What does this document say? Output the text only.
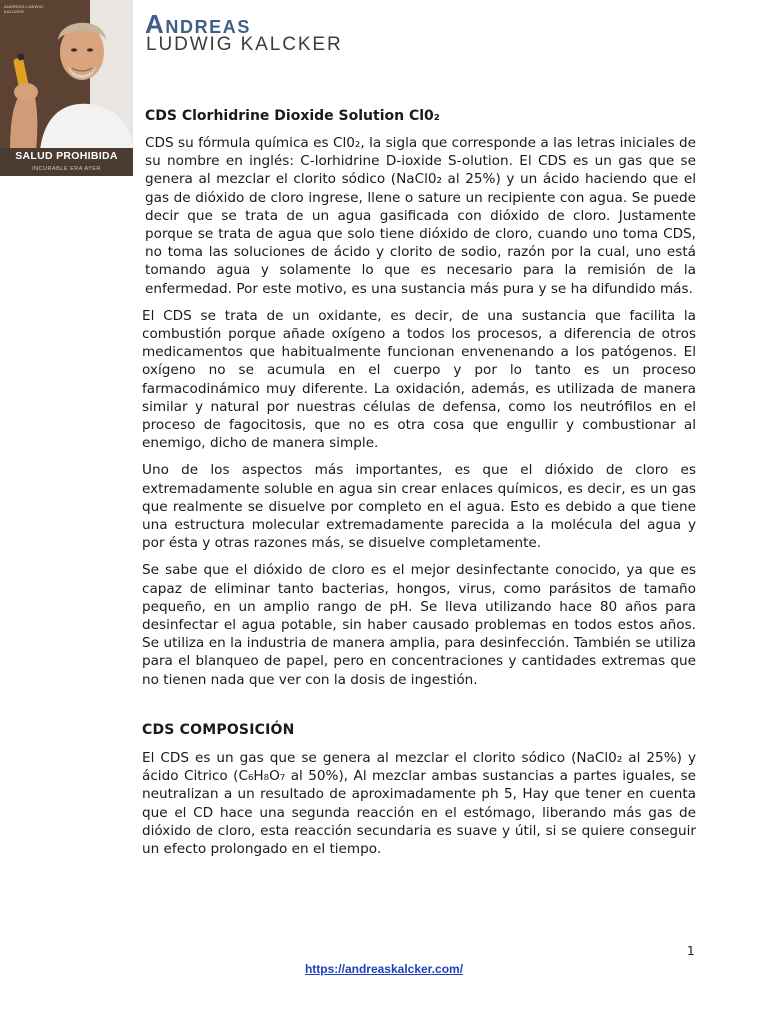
ANDREAS LUDWIG KALCKER
SALUD PROHIBIDA
INCURABLE ERA AYER
Andreas
LUDWIG KALCKER
CDS Clorhidrine Dioxide Solution Cl0₂

CDS su fórmula química es Cl0₂, la sigla que corresponde a las letras iniciales de su nombre en inglés: C-lorhidrine D-ioxide S-olution. El CDS es un gas que se genera al mezclar el clorito sódico (NaCl0₂ al 25%) y un ácido haciendo que el gas de dióxido de cloro ingrese, llene o sature un recipiente con agua. Se puede decir que se trata de un agua gasificada con dióxido de cloro. Justamente porque se trata de agua que solo tiene dióxido de cloro, cuando uno toma CDS, no toma las soluciones de ácido y clorito de sodio, razón por la cual, uno está tomando agua y solamente lo que es necesario para la remisión de la enfermedad. Por este motivo, es una sustancia más pura y se ha difundido más.

El CDS se trata de un oxidante, es decir, de una sustancia que facilita la combustión porque añade oxígeno a todos los procesos, a diferencia de otros medicamentos que habitualmente funcionan envenenando a los patógenos. El oxígeno no se acumula en el cuerpo y por lo tanto es un proceso farmacodinámico muy diferente. La oxidación, además, es utilizada de manera similar y natural por nuestras células de defensa, como los neutrófilos en el proceso de fagocitosis, que no es otra cosa que engullir y combustionar al enemigo, dicho de manera simple.

Uno de los aspectos más importantes, es que el dióxido de cloro es extremadamente soluble en agua sin crear enlaces químicos, es decir, es un gas que realmente se disuelve por completo en el agua. Esto es debido a que tiene una estructura molecular extremadamente parecida a la molécula del agua y por ésta y otras razones más, se disuelve completamente.

Se sabe que el dióxido de cloro es el mejor desinfectante conocido, ya que es capaz de eliminar tanto bacterias, hongos, virus, como parásitos de tamaño pequeño, en un amplio rango de pH. Se lleva utilizando hace 80 años para desinfectar el agua potable, sin haber causado problemas en todos estos años. Se utiliza en la industria de manera amplia, para desinfección. También se utiliza para el blanqueo de papel, pero en concentraciones y cantidades extremas que no tienen nada que ver con la dosis de ingestión.

CDS COMPOSICIÓN

El CDS es un gas que se genera al mezclar el clorito sódico (NaCl0₂ al 25%) y ácido Citrico (C₆H₈O₇ al 50%), Al mezclar ambas sustancias a partes iguales, se neutralizan a un resultado de aproximadamente ph 5, Hay que tener en cuenta que el CD hace una segunda reacción en el estómago, liberando más gas de dióxido de cloro, esta reacción secundaria es suave y útil, si se quiere conseguir un efecto prolongado en el tiempo.

1
https://andreaskalcker.com/
